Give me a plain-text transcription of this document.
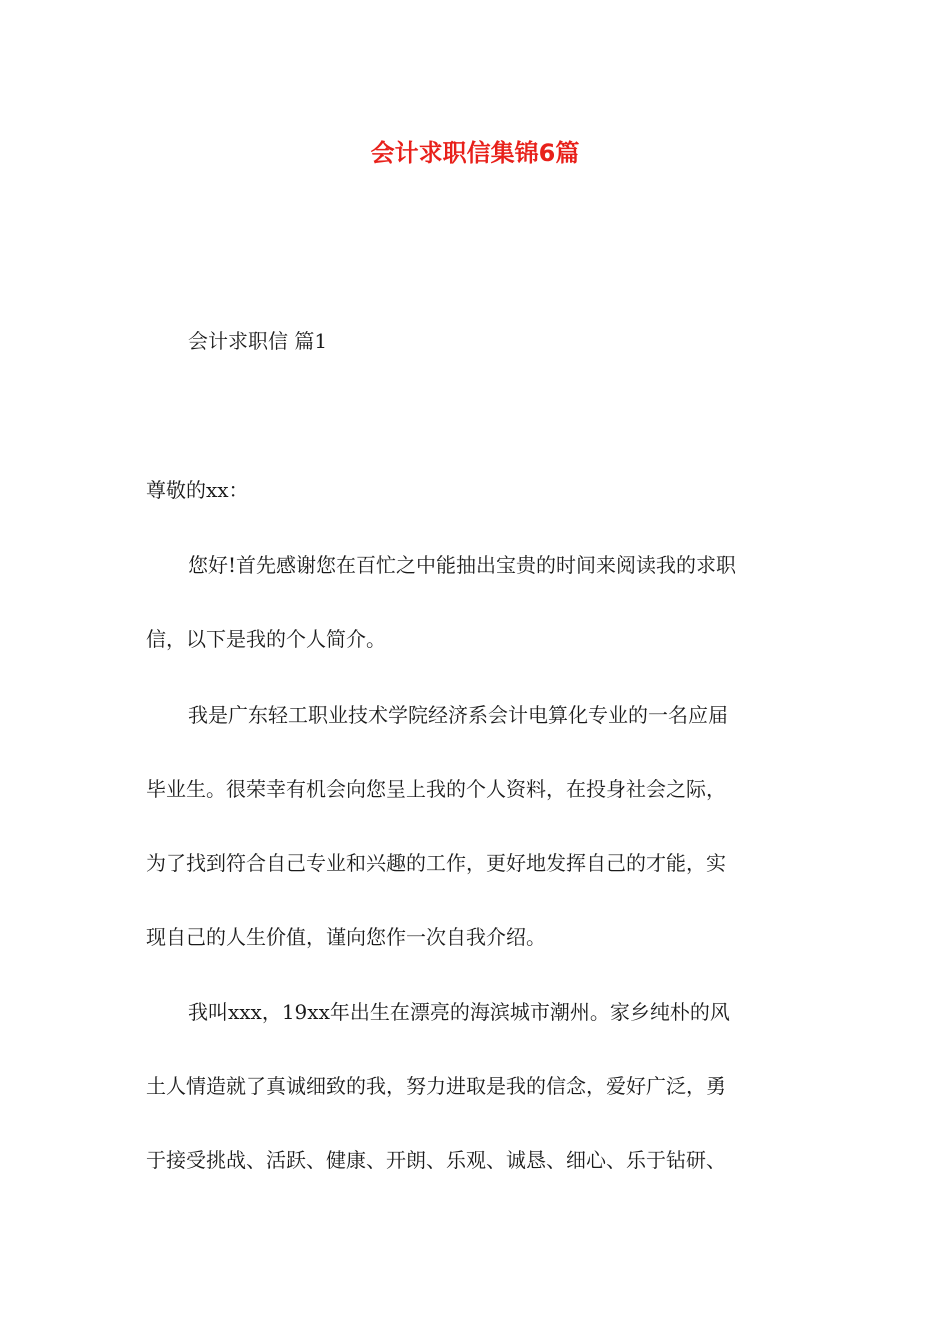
会计求职信集锦6篇

会计求职信 篇1

尊敬的xx：

您好!首先感谢您在百忙之中能抽出宝贵的时间来阅读我的求职

信，以下是我的个人简介。

我是广东轻工职业技术学院经济系会计电算化专业的一名应届

毕业生。很荣幸有机会向您呈上我的个人资料，在投身社会之际，

为了找到符合自己专业和兴趣的工作，更好地发挥自己的才能，实

现自己的人生价值，谨向您作一次自我介绍。

我叫xxx，19xx年出生在漂亮的海滨城市潮州。家乡纯朴的风

土人情造就了真诚细致的我，努力进取是我的信念，爱好广泛，勇

于接受挑战、活跃、健康、开朗、乐观、诚恳、细心、乐于钻研、
